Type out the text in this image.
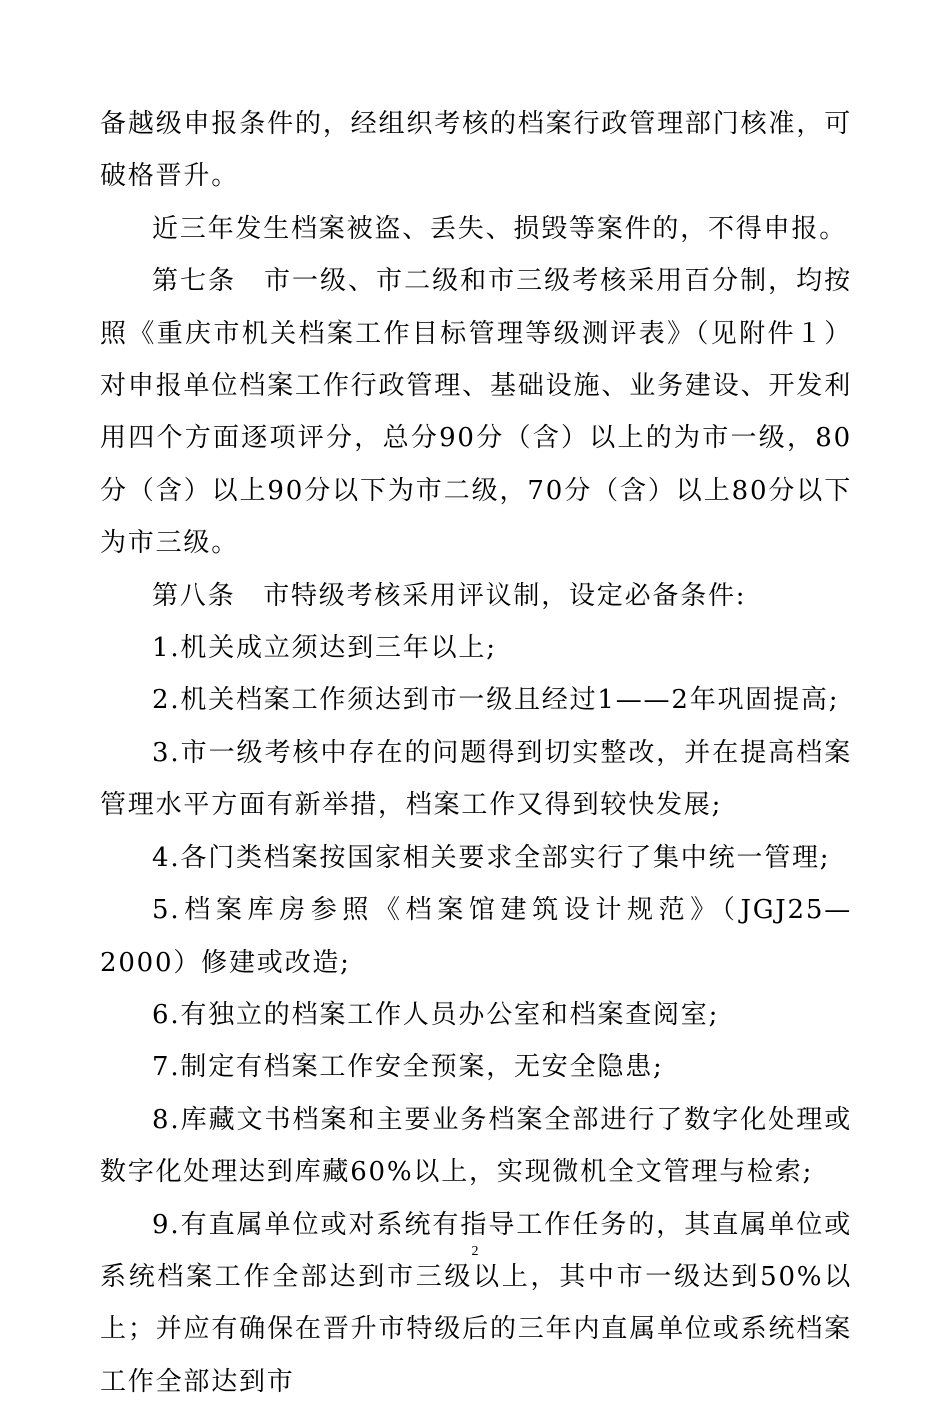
备越级申报条件的，经组织考核的档案行政管理部门核准，可破格晋升。

近三年发生档案被盗、丢失、损毁等案件的，不得申报。

第七条　市一级、市二级和市三级考核采用百分制，均按照《重庆市机关档案工作目标管理等级测评表》（见附件１）对申报单位档案工作行政管理、基础设施、业务建设、开发利用四个方面逐项评分，总分90分（含）以上的为市一级，80分（含）以上90分以下为市二级，70分（含）以上80分以下为市三级。

第八条　市特级考核采用评议制，设定必备条件:

1.机关成立须达到三年以上;

2.机关档案工作须达到市一级且经过1——2年巩固提高;

3.市一级考核中存在的问题得到切实整改，并在提高档案管理水平方面有新举措，档案工作又得到较快发展;

4.各门类档案按国家相关要求全部实行了集中统一管理;

5.档案库房参照《档案馆建筑设计规范》（JGJ25—2000）修建或改造;

6.有独立的档案工作人员办公室和档案查阅室;

7.制定有档案工作安全预案，无安全隐患;

8.库藏文书档案和主要业务档案全部进行了数字化处理或数字化处理达到库藏60%以上，实现微机全文管理与检索;

9.有直属单位或对系统有指导工作任务的，其直属单位或系统档案工作全部达到市三级以上，其中市一级达到50%以上；并应有确保在晋升市特级后的三年内直属单位或系统档案工作全部达到市

2
